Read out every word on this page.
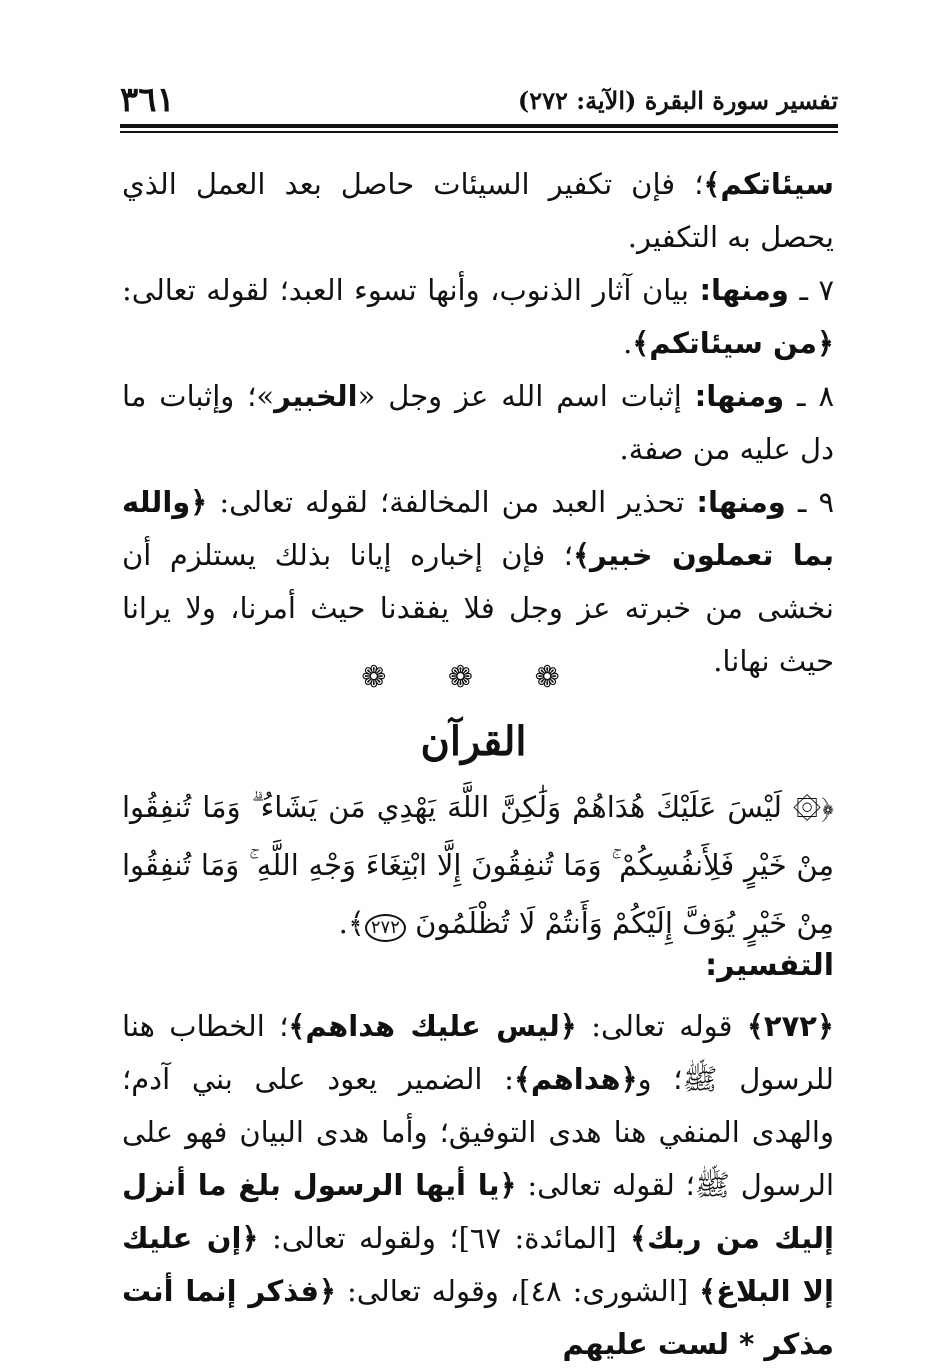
تفسير سورة البقرة (الآية: ٢٧٢)
٣٦١

سيئاتكم﴾؛ فإن تكفير السيئات حاصل بعد العمل الذي يحصل به التكفير.

٧ ـ ومنها: بيان آثار الذنوب، وأنها تسوء العبد؛ لقوله تعالى: ﴿من سيئاتكم﴾.

٨ ـ ومنها: إثبات اسم الله عز وجل «الخبير»؛ وإثبات ما دل عليه من صفة.

٩ ـ ومنها: تحذير العبد من المخالفة؛ لقوله تعالى: ﴿والله بما تعملون خبير﴾؛ فإن إخباره إيانا بذلك يستلزم أن نخشى من خبرته عز وجل فلا يفقدنا حيث أمرنا، ولا يرانا حيث نهانا.

❁ ❁ ❁
القرآن
﴿۞ لَيْسَ عَلَيْكَ هُدَاهُمْ وَلَٰكِنَّ اللَّهَ يَهْدِي مَن يَشَاءُ ۗ وَمَا تُنفِقُوا مِنْ خَيْرٍ فَلِأَنفُسِكُمْ ۚ وَمَا تُنفِقُونَ إِلَّا ابْتِغَاءَ وَجْهِ اللَّهِ ۚ وَمَا تُنفِقُوا مِنْ خَيْرٍ يُوَفَّ إِلَيْكُمْ وَأَنتُمْ لَا تُظْلَمُونَ ٢٧٢﴾.
التفسير:

﴿٢٧٢﴾ قوله تعالى: ﴿ليس عليك هداهم﴾؛ الخطاب هنا للرسول ﷺ؛ و﴿هداهم﴾: الضمير يعود على بني آدم؛ والهدى المنفي هنا هدى التوفيق؛ وأما هدى البيان فهو على الرسول ﷺ؛ لقوله تعالى: ﴿يا أيها الرسول بلغ ما أنزل إليك من ربك﴾ [المائدة: ٦٧]؛ ولقوله تعالى: ﴿إن عليك إلا البلاغ﴾ [الشورى: ٤٨]، وقوله تعالى: ﴿فذكر إنما أنت مذكر * لست عليهم
